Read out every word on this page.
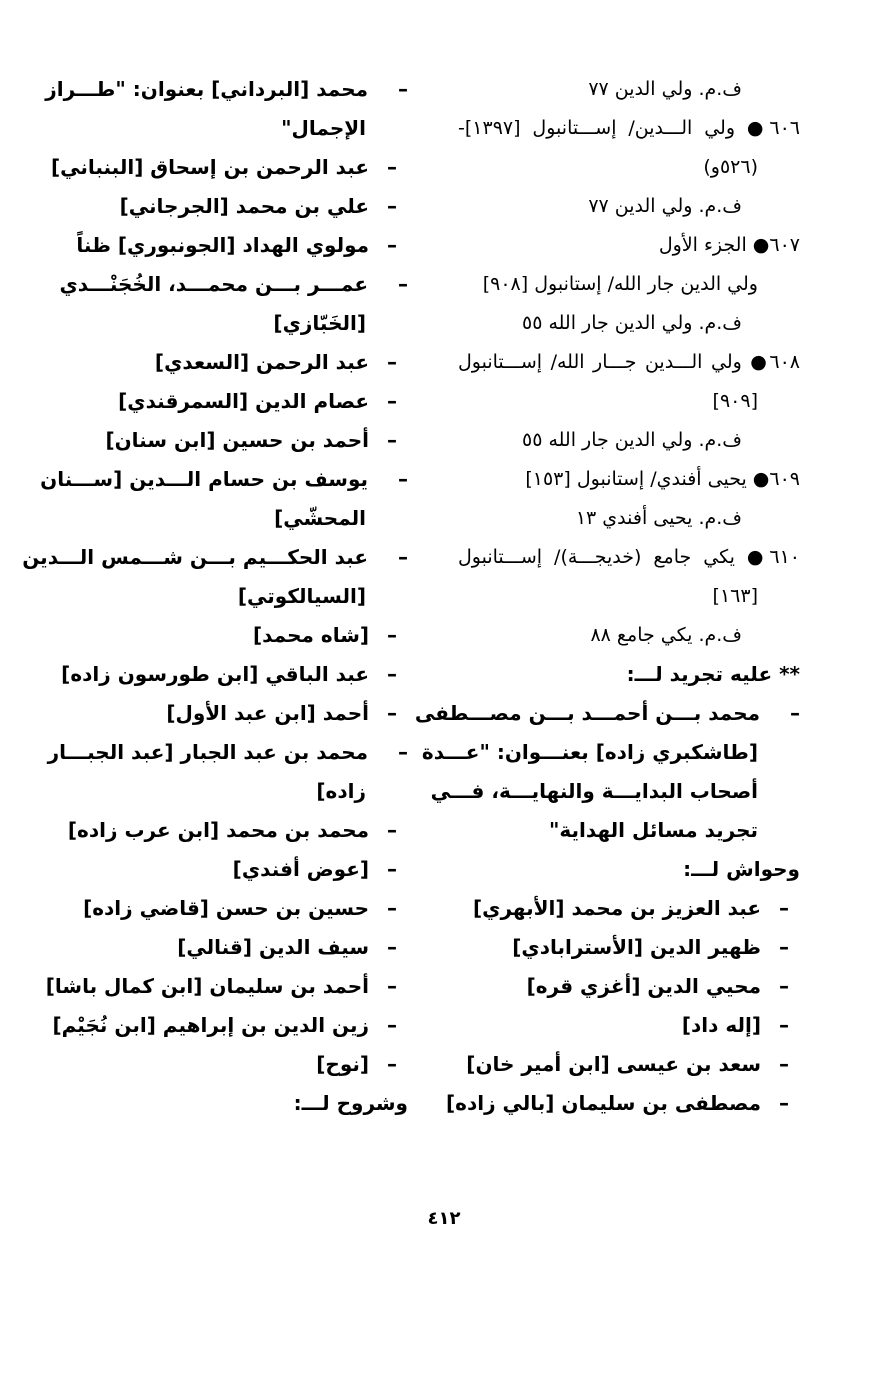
ف.م. ولي الدين ٧٧
٦٠٦● ولي الـــدين/ إســـتانبول [١٣٩٧]-
(٥٢٦و)
ف.م. ولي الدين ٧٧
٦٠٧● الجزء الأول
ولي الدين جار الله/ إستانبول [٩٠٨]
ف.م. ولي الدين جار الله ٥٥
٦٠٨● ولي الـــدين جـــار الله/ إســـتانبول
[٩٠٩]
ف.م. ولي الدين جار الله ٥٥
٦٠٩● يحيى أفندي/ إستانبول [١٥٣]
ف.م. يحيى أفندي ١٣
٦١٠● يكي جامع (خديجـــة)/ إســـتانبول
[١٦٣]
ف.م. يكي جامع ٨٨
** عليه تجريد لـــ:
– محمد بـــن أحمـــد بـــن مصـــطفى
[طاشكبري زاده] بعنـــوان: "عـــدة
أصحاب البدايـــة والنهايـــة، فـــي
تجريد مسائل الهداية"
وحواش لـــ:
– عبد العزيز بن محمد [الأبهري]
– ظهير الدين [الأسترابادي]
– محيي الدين [أغزي قره]
– [إله داد]
– سعد بن عيسى [ابن أمير خان]
– مصطفى بن سليمان [بالي زاده]
– محمد [البرداني] بعنوان: "طـــراز
الإجمال"
– عبد الرحمن بن إسحاق [البنباني]
– علي بن محمد [الجرجاني]
– مولوي الهداد [الجونبوري] ظناً
– عمـــر بـــن محمـــد، الخُجَنْـــدي
[الخَبّازي]
– عبد الرحمن [السعدي]
– عصام الدين [السمرقندي]
– أحمد بن حسين [ابن سنان]
– يوسف بن حسام الـــدين [ســـنان
المحشّي]
– عبد الحكـــيم بـــن شـــمس الـــدين
[السيالكوتي]
– [شاه محمد]
– عبد الباقي [ابن طورسون زاده]
– أحمد [ابن عبد الأول]
– محمد بن عبد الجبار [عبد الجبـــار
زاده]
– محمد بن محمد [ابن عرب زاده]
– [عوض أفندي]
– حسين بن حسن [قاضي زاده]
– سيف الدين [قنالي]
– أحمد بن سليمان [ابن كمال باشا]
– زين الدين بن إبراهيم [ابن نُجَيْم]
– [نوح]
وشروح لـــ:
٤١٢
